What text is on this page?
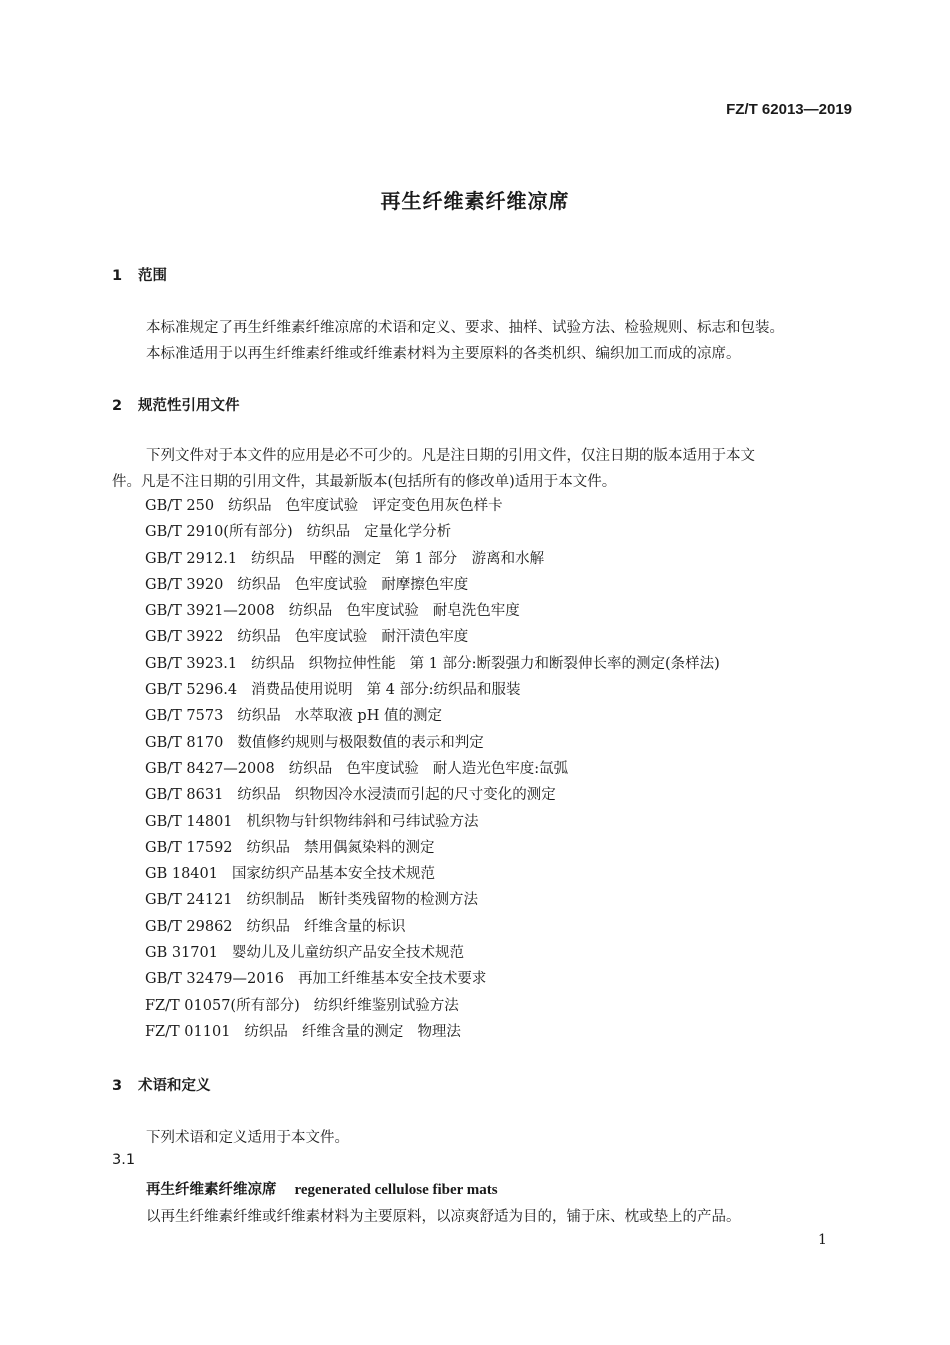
FZ/T 62013—2019
再生纤维素纤维凉席
1 范围
本标准规定了再生纤维素纤维凉席的术语和定义、要求、抽样、试验方法、检验规则、标志和包装。
本标准适用于以再生纤维素纤维或纤维素材料为主要原料的各类机织、编织加工而成的凉席。
2 规范性引用文件
下列文件对于本文件的应用是必不可少的。凡是注日期的引用文件，仅注日期的版本适用于本文
件。凡是不注日期的引用文件，其最新版本(包括所有的修改单)适用于本文件。
GB/T 250 纺织品 色牢度试验 评定变色用灰色样卡
GB/T 2910(所有部分) 纺织品 定量化学分析
GB/T 2912.1 纺织品 甲醛的测定 第 1 部分　游离和水解
GB/T 3920 纺织品 色牢度试验 耐摩擦色牢度
GB/T 3921—2008 纺织品 色牢度试验 耐皂洗色牢度
GB/T 3922 纺织品 色牢度试验 耐汗渍色牢度
GB/T 3923.1 纺织品 织物拉伸性能 第 1 部分:断裂强力和断裂伸长率的测定(条样法)
GB/T 5296.4 消费品使用说明 第 4 部分:纺织品和服装
GB/T 7573 纺织品 水萃取液 pH 值的测定
GB/T 8170 数值修约规则与极限数值的表示和判定
GB/T 8427—2008 纺织品 色牢度试验 耐人造光色牢度:氙弧
GB/T 8631 纺织品 织物因冷水浸渍而引起的尺寸变化的测定
GB/T 14801 机织物与针织物纬斜和弓纬试验方法
GB/T 17592 纺织品 禁用偶氮染料的测定
GB 18401 国家纺织产品基本安全技术规范
GB/T 24121 纺织制品 断针类残留物的检测方法
GB/T 29862 纺织品 纤维含量的标识
GB 31701 婴幼儿及儿童纺织产品安全技术规范
GB/T 32479—2016 再加工纤维基本安全技术要求
FZ/T 01057(所有部分) 纺织纤维鉴别试验方法
FZ/T 01101 纺织品 纤维含量的测定 物理法
3 术语和定义
下列术语和定义适用于本文件。
3.1
再生纤维素纤维凉席 regenerated cellulose fiber mats
以再生纤维素纤维或纤维素材料为主要原料，以凉爽舒适为目的，铺于床、枕或垫上的产品。
1
